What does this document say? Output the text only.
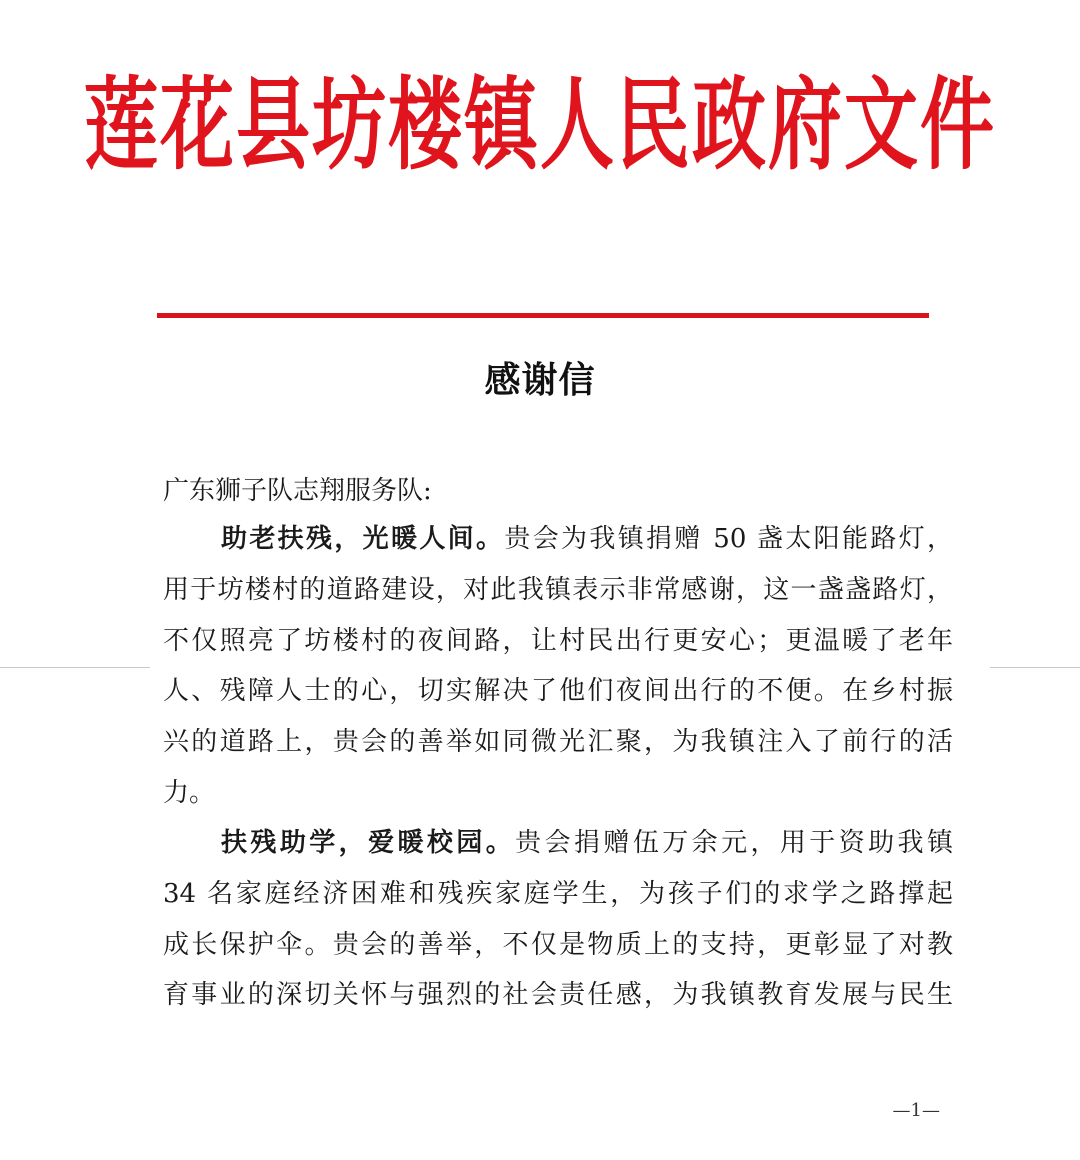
莲花县坊楼镇人民政府文件
感谢信
广东狮子队志翔服务队:
助老扶残，光暖人间。贵会为我镇捐赠 50 盏太阳能路灯，
用于坊楼村的道路建设，对此我镇表示非常感谢，这一盏盏路灯，
不仅照亮了坊楼村的夜间路，让村民出行更安心；更温暖了老年
人、残障人士的心，切实解决了他们夜间出行的不便。在乡村振
兴的道路上，贵会的善举如同微光汇聚，为我镇注入了前行的活
力。
扶残助学，爱暖校园。贵会捐赠伍万余元，用于资助我镇
34 名家庭经济困难和残疾家庭学生，为孩子们的求学之路撑起
成长保护伞。贵会的善举，不仅是物质上的支持，更彰显了对教
育事业的深切关怀与强烈的社会责任感，为我镇教育发展与民生
—1—
